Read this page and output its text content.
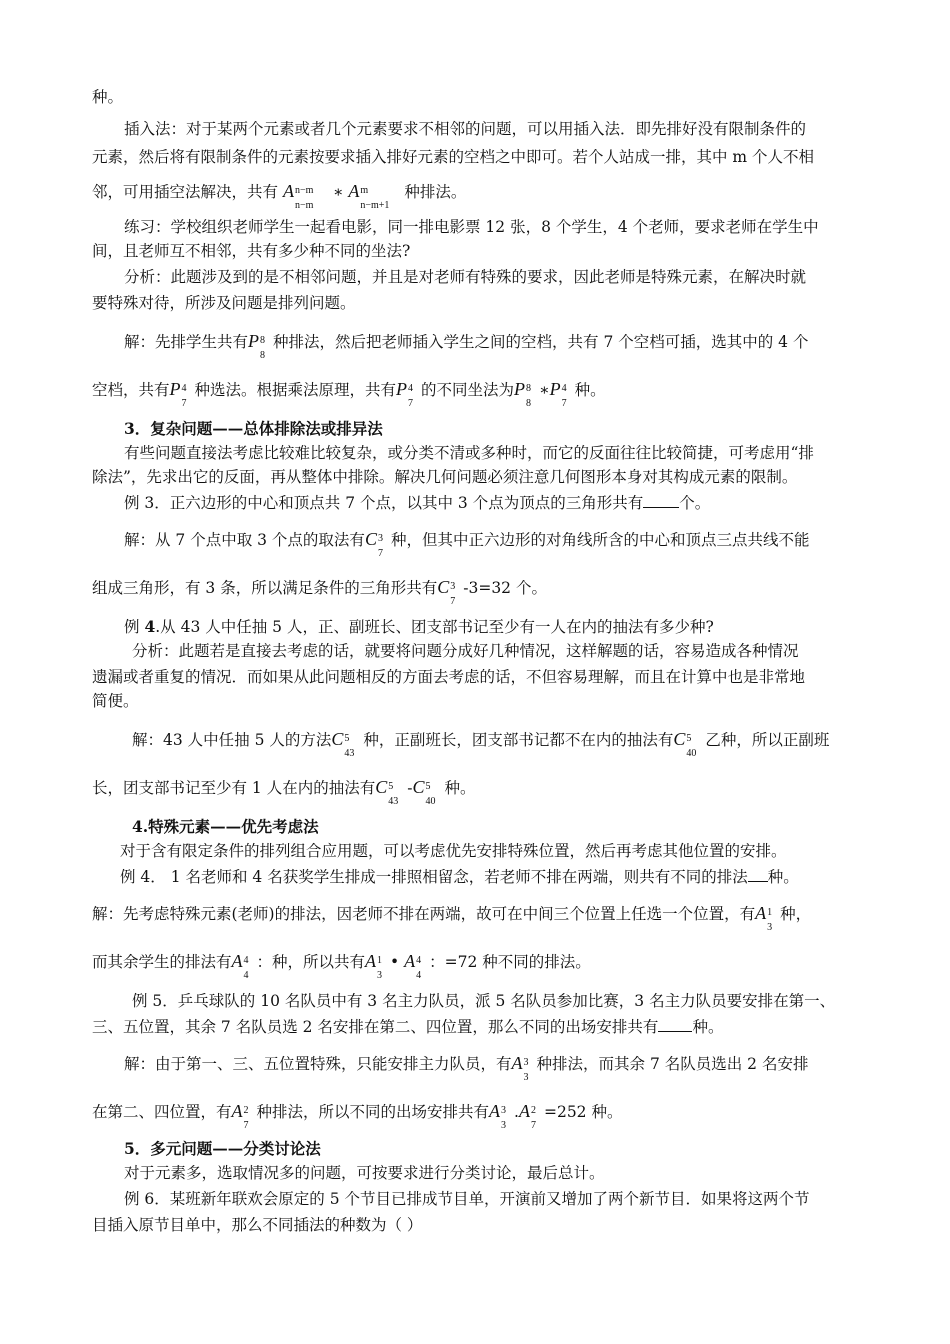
种。
插入法：对于某两个元素或者几个元素要求不相邻的问题，可以用插入法．即先排好没有限制条件的
元素，然后将有限制条件的元素按要求插入排好元素的空档之中即可。若个人站成一排，其中 m 个人不相
邻，可用插空法解决，共有 A n−m
n−m
∗ A m
n−m+1
种排法。
练习：学校组织老师学生一起看电影，同一排电影票 12 张，8 个学生，4 个老师，要求老师在学生中
间，且老师互不相邻，共有多少种不同的坐法?
分析：此题涉及到的是不相邻问题，并且是对老师有特殊的要求，因此老师是特殊元素，在解决时就
要特殊对待，所涉及问题是排列问题。
解：先排学生共有P 8
8
种排法，然后把老师插入学生之间的空档，共有 7 个空档可插，选其中的 4 个
空档，共有P 4
7
种选法。根据乘法原理，共有P 4
7
的不同坐法为P 8
8
∗P 4
7
种。
3．复杂问题——总体排除法或排异法
有些问题直接法考虑比较难比较复杂，或分类不清或多种时，而它的反面往往比较简捷，可考虑用“排
除法”，先求出它的反面，再从整体中排除。解决几何问题必须注意几何图形本身对其构成元素的限制。
例 3．正六边形的中心和顶点共 7 个点，以其中 3 个点为顶点的三角形共有 个。
解：从 7 个点中取 3 个点的取法有C 3
7
种，但其中正六边形的对角线所含的中心和顶点三点共线不能
组成三角形，有 3 条，所以满足条件的三角形共有C 3
7
-3=32 个。
例 4.从 43 人中任抽 5 人，正、副班长、团支部书记至少有一人在内的抽法有多少种?
分析：此题若是直接去考虑的话，就要将问题分成好几种情况，这样解题的话，容易造成各种情况
遗漏或者重复的情况．而如果从此问题相反的方面去考虑的话，不但容易理解，而且在计算中也是非常地
简便。
解：43 人中任抽 5 人的方法C 5
43
种，正副班长，团支部书记都不在内的抽法有C 5
40
乙种，所以正副班
长，团支部书记至少有 1 人在内的抽法有C 5
43
-C 5
40
种。
4.特殊元素——优先考虑法
对于含有限定条件的排列组合应用题，可以考虑优先安排特殊位置，然后再考虑其他位置的安排。
例 4． 1 名老师和 4 名获奖学生排成一排照相留念，若老师不排在两端，则共有不同的排法 种。
解：先考虑特殊元素(老师)的排法，因老师不排在两端，故可在中间三个位置上任选一个位置，有A 1
3
种，
而其余学生的排法有A 4
4
：种，所以共有A 1
3
• A 4
4
：=72 种不同的排法。
例 5．乒乓球队的 10 名队员中有 3 名主力队员，派 5 名队员参加比赛，3 名主力队员要安排在第一、
三、五位置，其余 7 名队员选 2 名安排在第二、四位置，那么不同的出场安排共有 种。
解：由于第一、三、五位置特殊，只能安排主力队员，有A 3
3
种排法，而其余 7 名队员选出 2 名安排
在第二、四位置，有A 2
7
种排法，所以不同的出场安排共有A 3
3
.A 2
7
=252 种。
5．多元问题——分类讨论法
对于元素多，选取情况多的问题，可按要求进行分类讨论，最后总计。
例 6．某班新年联欢会原定的 5 个节目已排成节目单，开演前又增加了两个新节目．如果将这两个节
目插入原节目单中，那么不同插法的种数为（ ）
